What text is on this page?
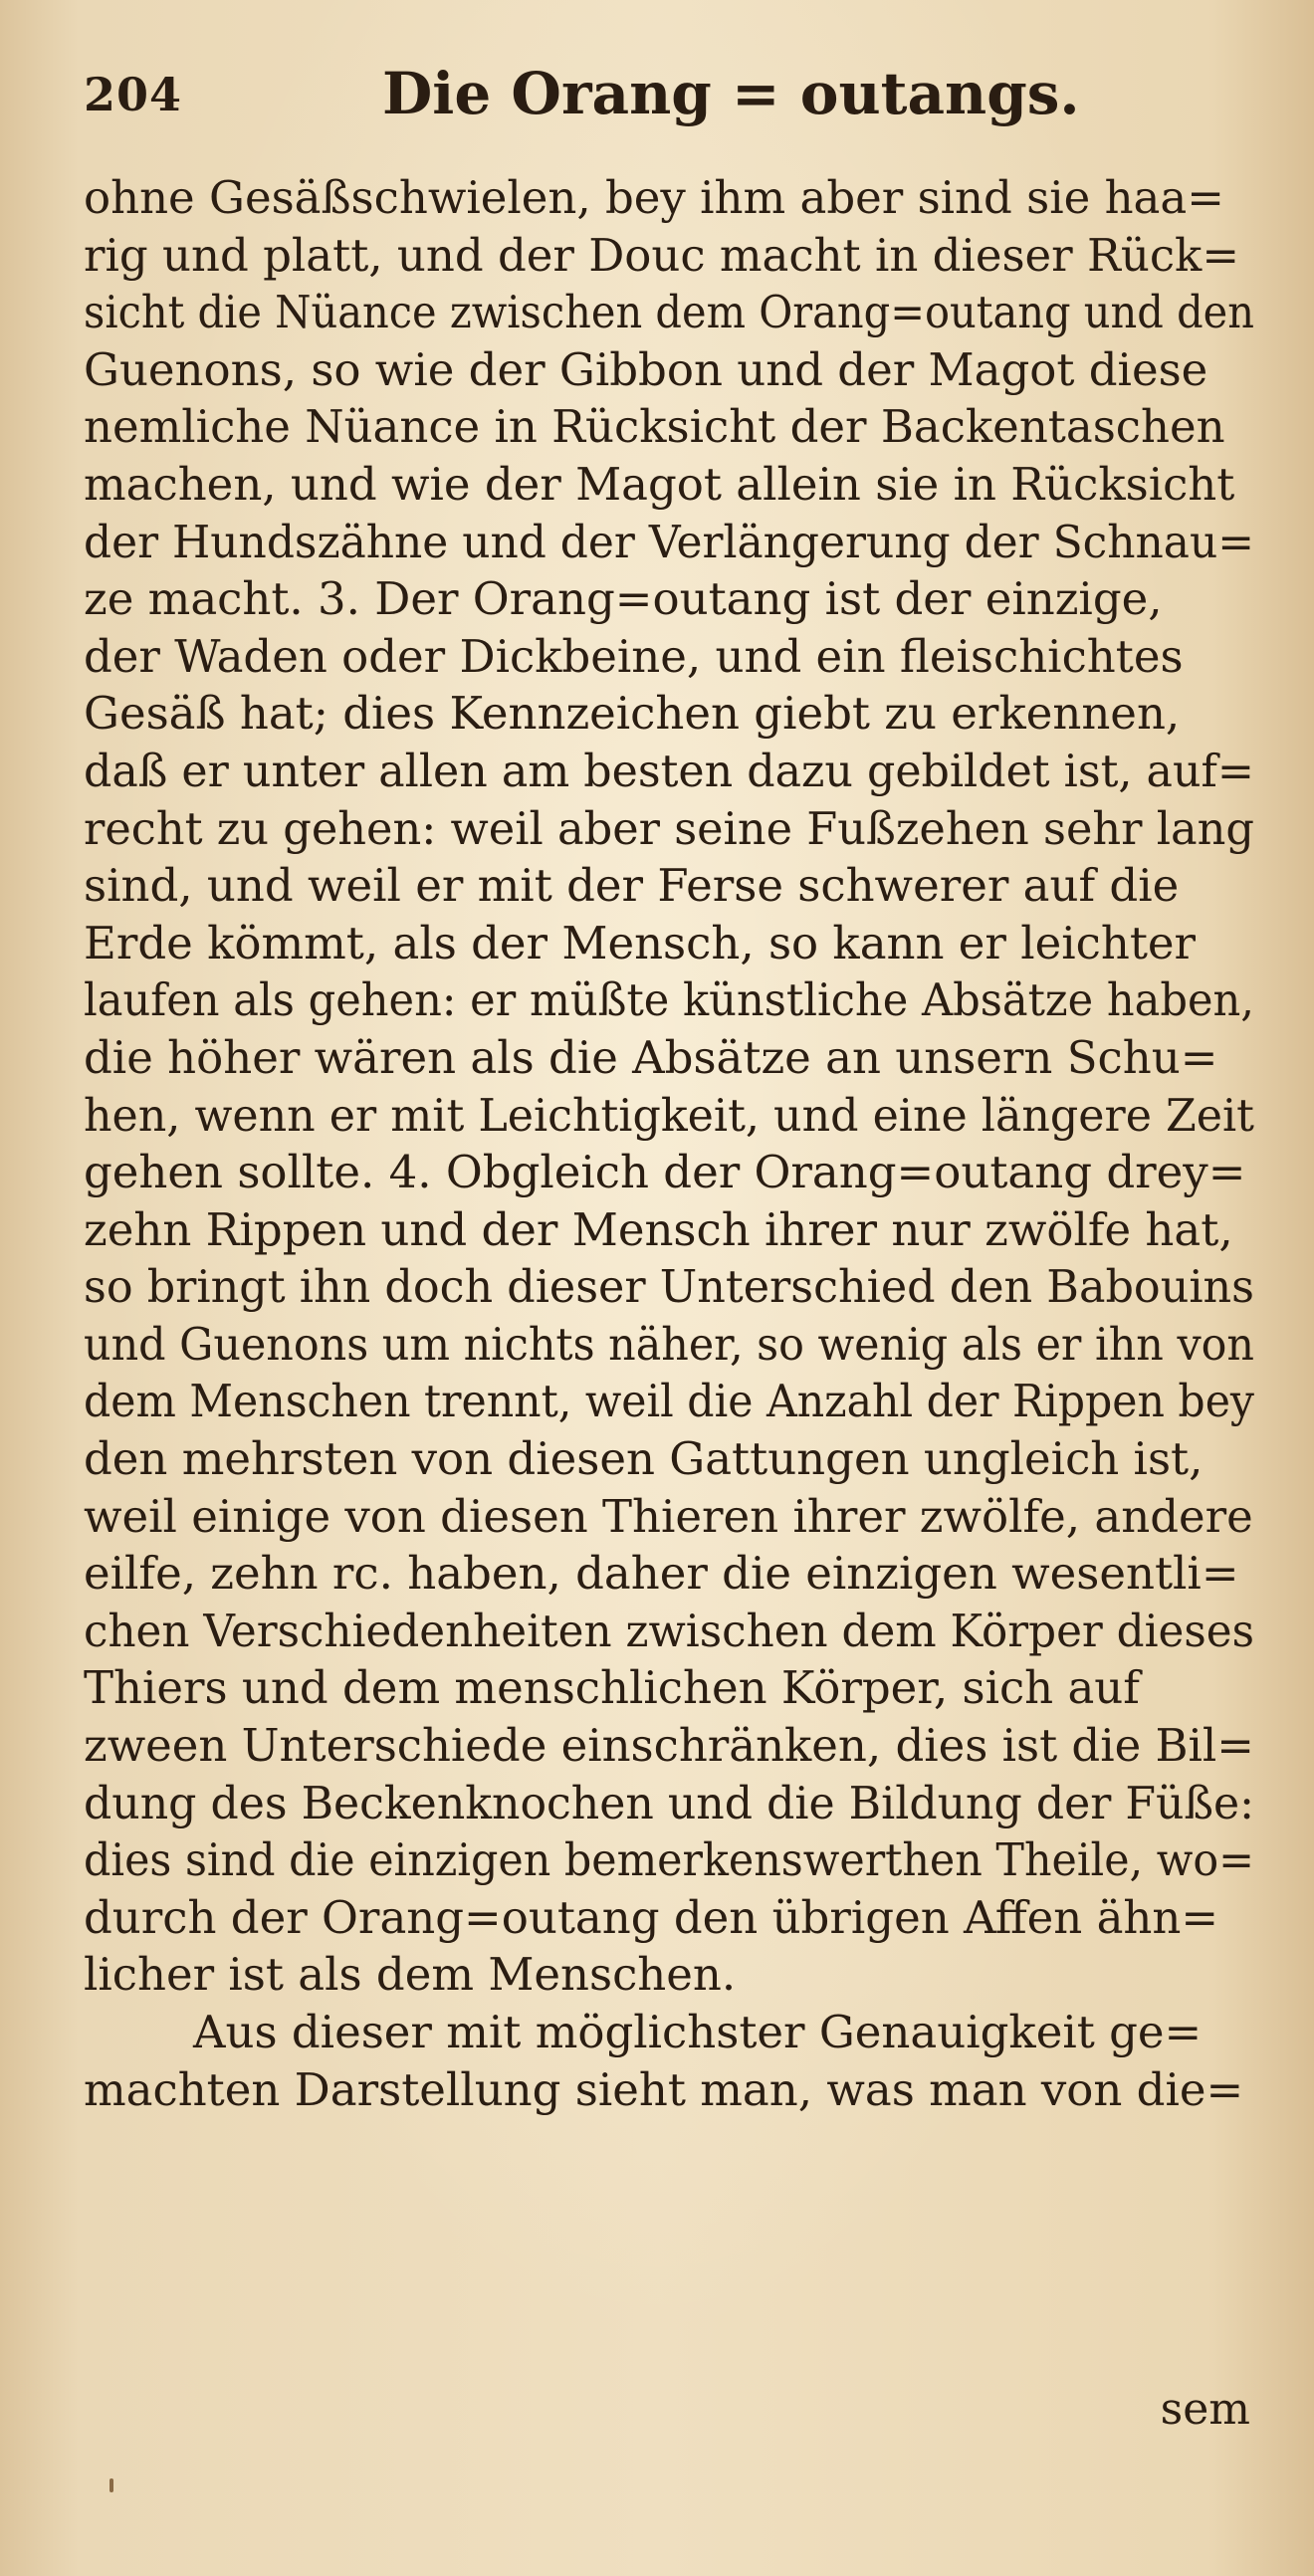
204	Die Orang = outangs.
ohne Gesäßschwielen, bey ihm aber sind sie haa=
rig und platt, und der Douc macht in dieser Rück=
sicht die Nüance zwischen dem Orang=outang und den
Guenons, so wie der Gibbon und der Magot diese
nemliche Nüance in Rücksicht der Backentaschen
machen, und wie der Magot allein sie in Rücksicht
der Hundszähne und der Verlängerung der Schnau=
ze macht. 3. Der Orang=outang ist der einzige,
der Waden oder Dickbeine, und ein fleischichtes
Gesäß hat; dies Kennzeichen giebt zu erkennen,
daß er unter allen am besten dazu gebildet ist, auf=
recht zu gehen: weil aber seine Fußzehen sehr lang
sind, und weil er mit der Ferse schwerer auf die
Erde kömmt, als der Mensch, so kann er leichter
laufen als gehen: er müßte künstliche Absätze haben,
die höher wären als die Absätze an unsern Schu=
hen, wenn er mit Leichtigkeit, und eine längere Zeit
gehen sollte. 4. Obgleich der Orang=outang drey=
zehn Rippen und der Mensch ihrer nur zwölfe hat,
so bringt ihn doch dieser Unterschied den Babouins
und Guenons um nichts näher, so wenig als er ihn von
dem Menschen trennt, weil die Anzahl der Rippen bey
den mehrsten von diesen Gattungen ungleich ist,
weil einige von diesen Thieren ihrer zwölfe, andere
eilfe, zehn rc. haben, daher die einzigen wesentli=
chen Verschiedenheiten zwischen dem Körper dieses
Thiers und dem menschlichen Körper, sich auf
zween Unterschiede einschränken, dies ist die Bil=
dung des Beckenknochen und die Bildung der Füße:
dies sind die einzigen bemerkenswerthen Theile, wo=
durch der Orang=outang den übrigen Affen ähn=
licher ist als dem Menschen.
Aus dieser mit möglichster Genauigkeit ge=
machten Darstellung sieht man, was man von die=
sem
